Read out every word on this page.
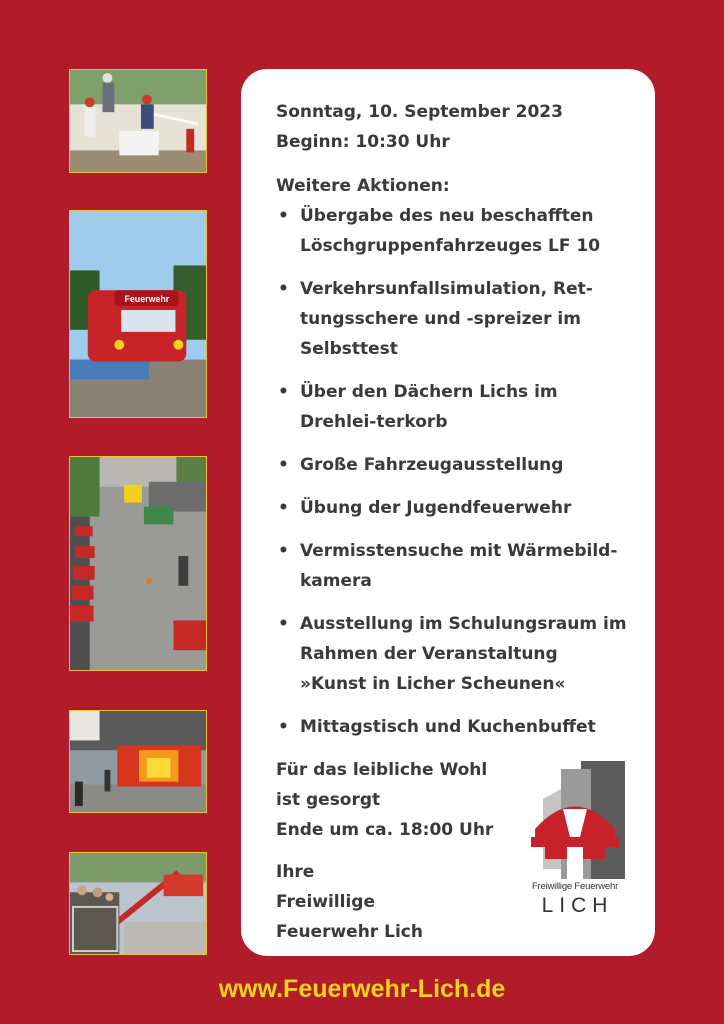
Feuerwehr

Sonntag, 10. September 2023

Beginn: 10:30 Uhr

Weitere Aktionen:

• Übergabe des neu beschafften Löschgruppenfahrzeuges LF 10
• Verkehrsunfallsimulation, Ret-tungsschere und -spreizer im Selbsttest
• Über den Dächern Lichs im Drehlei-terkorb
• Große Fahrzeugausstellung
• Übung der Jugendfeuerwehr
• Vermisstensuche mit Wärmebild-kamera
• Ausstellung im Schulungsraum im Rahmen der Veranstaltung »Kunst in Licher Scheunen«
• Mittagstisch und Kuchenbuffet

Für das leibliche Wohl

ist gesorgt

Ende um ca. 18:00 Uhr

Ihre

Freiwillige

Feuerwehr Lich

Freiwillige Feuerwehr
LICH
www.Feuerwehr-Lich.de
